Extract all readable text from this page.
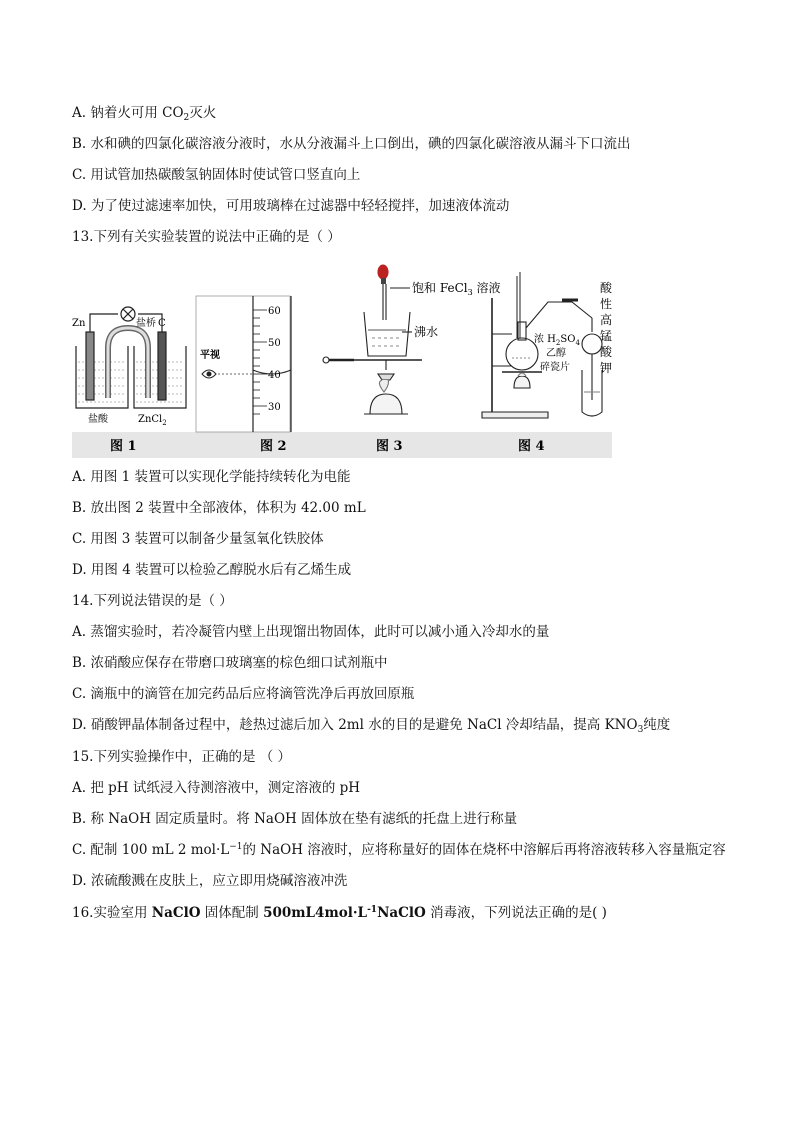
A. 钠着火可用 $CO_2$灭火
B. 水和碘的四氯化碳溶液分液时，水从分液漏斗上口倒出，碘的四氯化碳溶液从漏斗下口流出
C. 用试管加热碳酸氢钠固体时使试管口竖直向上
D. 为了使过滤速率加快，可用玻璃棒在过滤器中轻轻搅拌，加速液体流动
13.下列有关实验装置的说法中正确的是（ ）
图 1	图 2	图 3	图 4
Zn	C
盐桥
盐酸	ZnCl$_2$
60
50
40
30
平视
饱和 FeCl$_3$ 溶液
沸水
浓 $H_2SO_4$
乙醇
碎瓷片
酸
性
高
锰
酸
钾
A. 用图 1 装置可以实现化学能持续转化为电能
B. 放出图 2 装置中全部液体，体积为 42.00 mL
C. 用图 3 装置可以制备少量氢氧化铁胶体
D. 用图 4 装置可以检验乙醇脱水后有乙烯生成
14.下列说法错误的是（ ）
A. 蒸馏实验时，若冷凝管内壁上出现馏出物固体，此时可以减小通入冷却水的量
B. 浓硝酸应保存在带磨口玻璃塞的棕色细口试剂瓶中
C. 滴瓶中的滴管在加完药品后应将滴管洗净后再放回原瓶
D. 硝酸钾晶体制备过程中，趁热过滤后加入 2ml 水的目的是避免 NaCl 冷却结晶，提高 $KNO_3$纯度
15.下列实验操作中，正确的是 （ ）
A. 把 pH 试纸浸入待测溶液中，测定溶液的 pH
B. 称 NaOH 固定质量时。将 NaOH 固体放在垫有滤纸的托盘上进行称量
C. 配制 100 mL 2 $mol\cdot L^{-1}$的 NaOH 溶液时，应将称量好的固体在烧杯中溶解后再将溶液转移入容量瓶定容
D. 浓硫酸溅在皮肤上，应立即用烧碱溶液冲洗
16.实验室用 NaClO 固体配制 $500mL4mol\cdot L^{-1}NaClO$ 消毒液，下列说法正确的是( )
